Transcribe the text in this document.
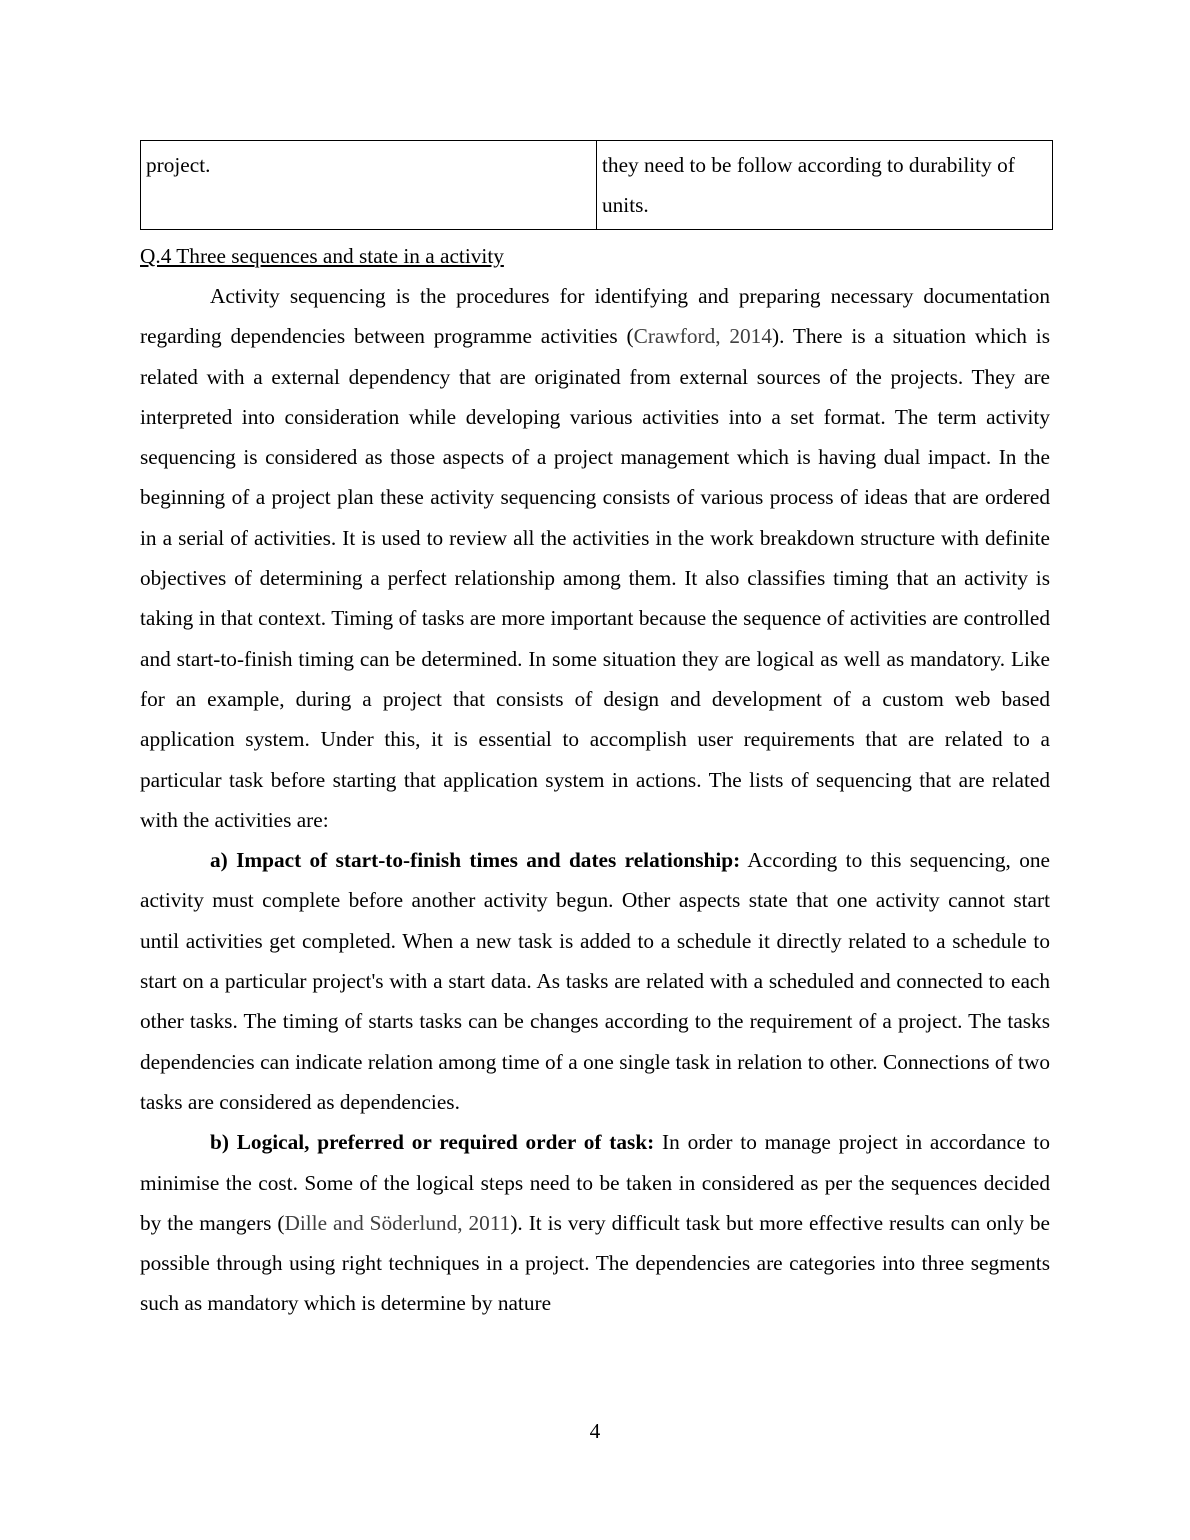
project.	they need to be follow according to durability of units.
Q.4 Three sequences and state in a activity

Activity sequencing is the procedures for identifying and preparing necessary documentation regarding dependencies between programme activities (Crawford, 2014). There is a situation which is related with a external dependency that are originated from external sources of the projects. They are interpreted into consideration while developing various activities into a set format. The term activity sequencing is considered as those aspects of a project management which is having dual impact. In the beginning of a project plan these activity sequencing consists of various process of ideas that are ordered in a serial of activities. It is used to review all the activities in the work breakdown structure with definite objectives of determining a perfect relationship among them. It also classifies timing that an activity is taking in that context. Timing of tasks are more important because the sequence of activities are controlled and start-to-finish timing can be determined. In some situation they are logical as well as mandatory. Like for an example, during a project that consists of design and development of a custom web based application system. Under this, it is essential to accomplish user requirements that are related to a particular task before starting that application system in actions. The lists of sequencing that are related with the activities are:

a) Impact of start-to-finish times and dates relationship: According to this sequencing, one activity must complete before another activity begun. Other aspects state that one activity cannot start until activities get completed. When a new task is added to a schedule it directly related to a schedule to start on a particular project's with a start data. As tasks are related with a scheduled and connected to each other tasks. The timing of starts tasks can be changes according to the requirement of a project. The tasks dependencies can indicate relation among time of a one single task in relation to other. Connections of two tasks are considered as dependencies.

b) Logical, preferred or required order of task: In order to manage project in accordance to minimise the cost. Some of the logical steps need to be taken in considered as per the sequences decided by the mangers (Dille and Söderlund, 2011). It is very difficult task but more effective results can only be possible through using right techniques in a project. The dependencies are categories into three segments such as mandatory which is determine by nature

4
